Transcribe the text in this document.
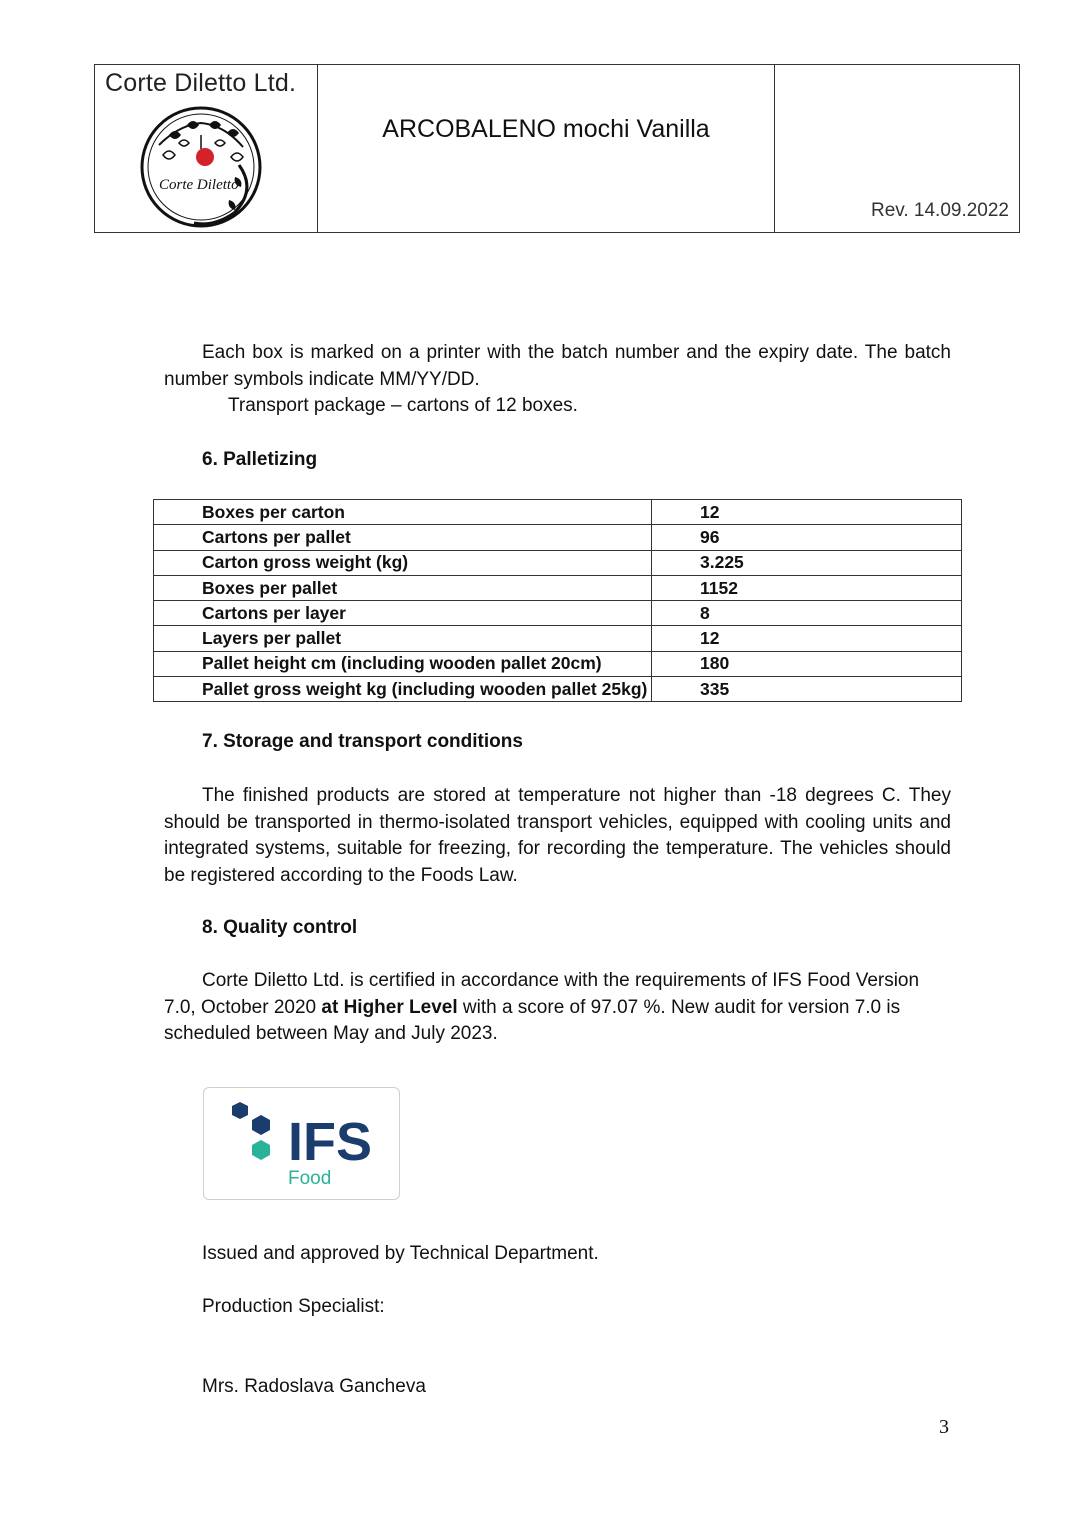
Corte Diletto Ltd.
Corte Diletto
ARCOBALENO mochi Vanilla
Rev. 14.09.2022
Each box is marked on a printer with the batch number and the expiry date. The batch number symbols indicate MM/YY/DD.
Transport package – cartons of 12 boxes.
6. Palletizing
Boxes per carton	12
Cartons per pallet	96
Carton gross weight (kg)	3.225
Boxes per pallet	1152
Cartons per layer	8
Layers per pallet	12
Pallet height cm (including wooden pallet 20cm)	180
Pallet gross weight kg (including wooden pallet 25kg)	335
7. Storage and transport conditions
The finished products are stored at temperature not higher than -18 degrees C. They should be transported in thermo-isolated transport vehicles, equipped with cooling units and integrated systems, suitable for freezing, for recording the temperature. The vehicles should be registered according to the Foods Law.
8. Quality control
Corte Diletto Ltd. is certified in accordance with the requirements of IFS Food Version 7.0, October 2020 at Higher Level with a score of 97.07 %. New audit for version 7.0 is scheduled between May and July 2023.
IFS
Food
Issued and approved by Technical Department.
Production Specialist:
Mrs. Radoslava Gancheva
3
